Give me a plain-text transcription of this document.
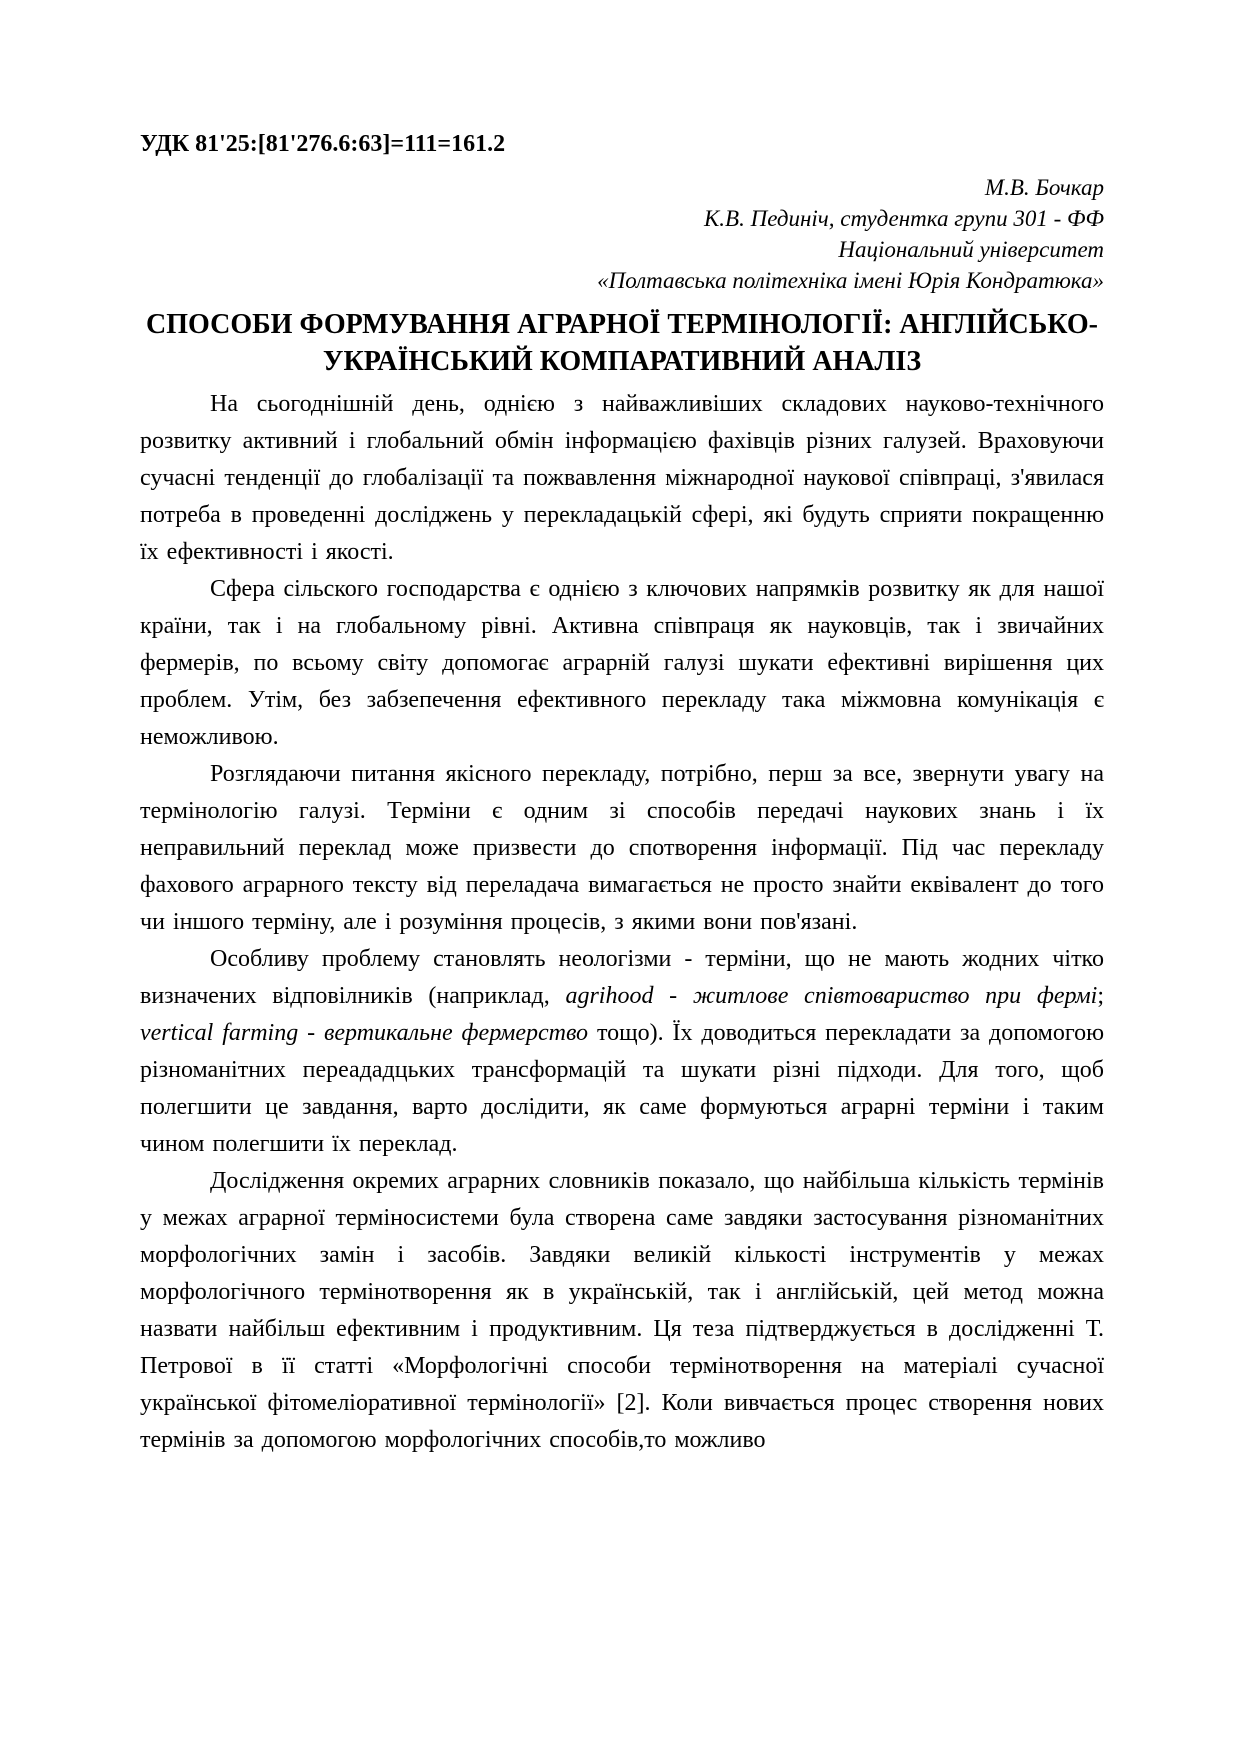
УДК 81'25:[81'276.6:63]=111=161.2
М.В. Бочкар
К.В. Пединіч, студентка групи 301 - ФФ
Національний університет
«Полтавська політехніка імені Юрія Кондратюка»
СПОСОБИ ФОРМУВАННЯ АГРАРНОЇ ТЕРМІНОЛОГІЇ: АНГЛІЙСЬКО-УКРАЇНСЬКИЙ КОМПАРАТИВНИЙ АНАЛІЗ

На сьогоднішній день, однією з найважливіших складових науково-технічного розвитку активний і глобальний обмін інформацією фахівців різних галузей. Враховуючи сучасні тенденції до глобалізації та пожвавлення міжнародної наукової співпраці, з'явилася потреба в проведенні досліджень у перекладацькій сфері, які будуть сприяти покращенню їх ефективності і якості.

Сфера сільского господарства є однією з ключових напрямків розвитку як для нашої країни, так і на глобальному рівні. Активна співпраця як науковців, так і звичайних фермерів, по всьому світу допомогає аграрній галузі шукати ефективні вирішення цих проблем. Утім, без забзепечення ефективного перекладу така міжмовна комунікація є неможливою.

Розглядаючи питання якісного перекладу, потрібно, перш за все, звернути увагу на термінологію галузі. Терміни є одним зі способів передачі наукових знань і їх неправильний переклад може призвести до спотворення інформації. Під час перекладу фахового аграрного тексту від переладача вимагається не просто знайти еквівалент до того чи іншого терміну, але і розуміння процесів, з якими вони пов'язані.

Особливу проблему становлять неологізми - терміни, що не мають жодних чітко визначених відповілників (наприклад, agrihood - житлове співтовариство при фермі; vertical farming - вертикальне фермерство тощо). Їх доводиться перекладати за допомогою різноманітних переададцьких трансформацій та шукати різні підходи. Для того, щоб полегшити це завдання, варто дослідити, як саме формуються аграрні терміни і таким чином полегшити їх переклад.

Дослідження окремих аграрних словників показало, що найбільша кількість термінів у межах аграрної терміносистеми була створена саме завдяки застосування різноманітних морфологічних замін і засобів. Завдяки великій кількості інструментів у межах морфологічного термінотворення як в українській, так і англійській, цей метод можна назвати найбільш ефективним і продуктивним. Ця теза підтверджується в дослідженні Т. Петрової в її статті «Морфологічні способи термінотворення на матеріалі сучасної української фітомеліоративної термінології» [2]. Коли вивчається процес створення нових термінів за допомогою морфологічних способів,то можливо
